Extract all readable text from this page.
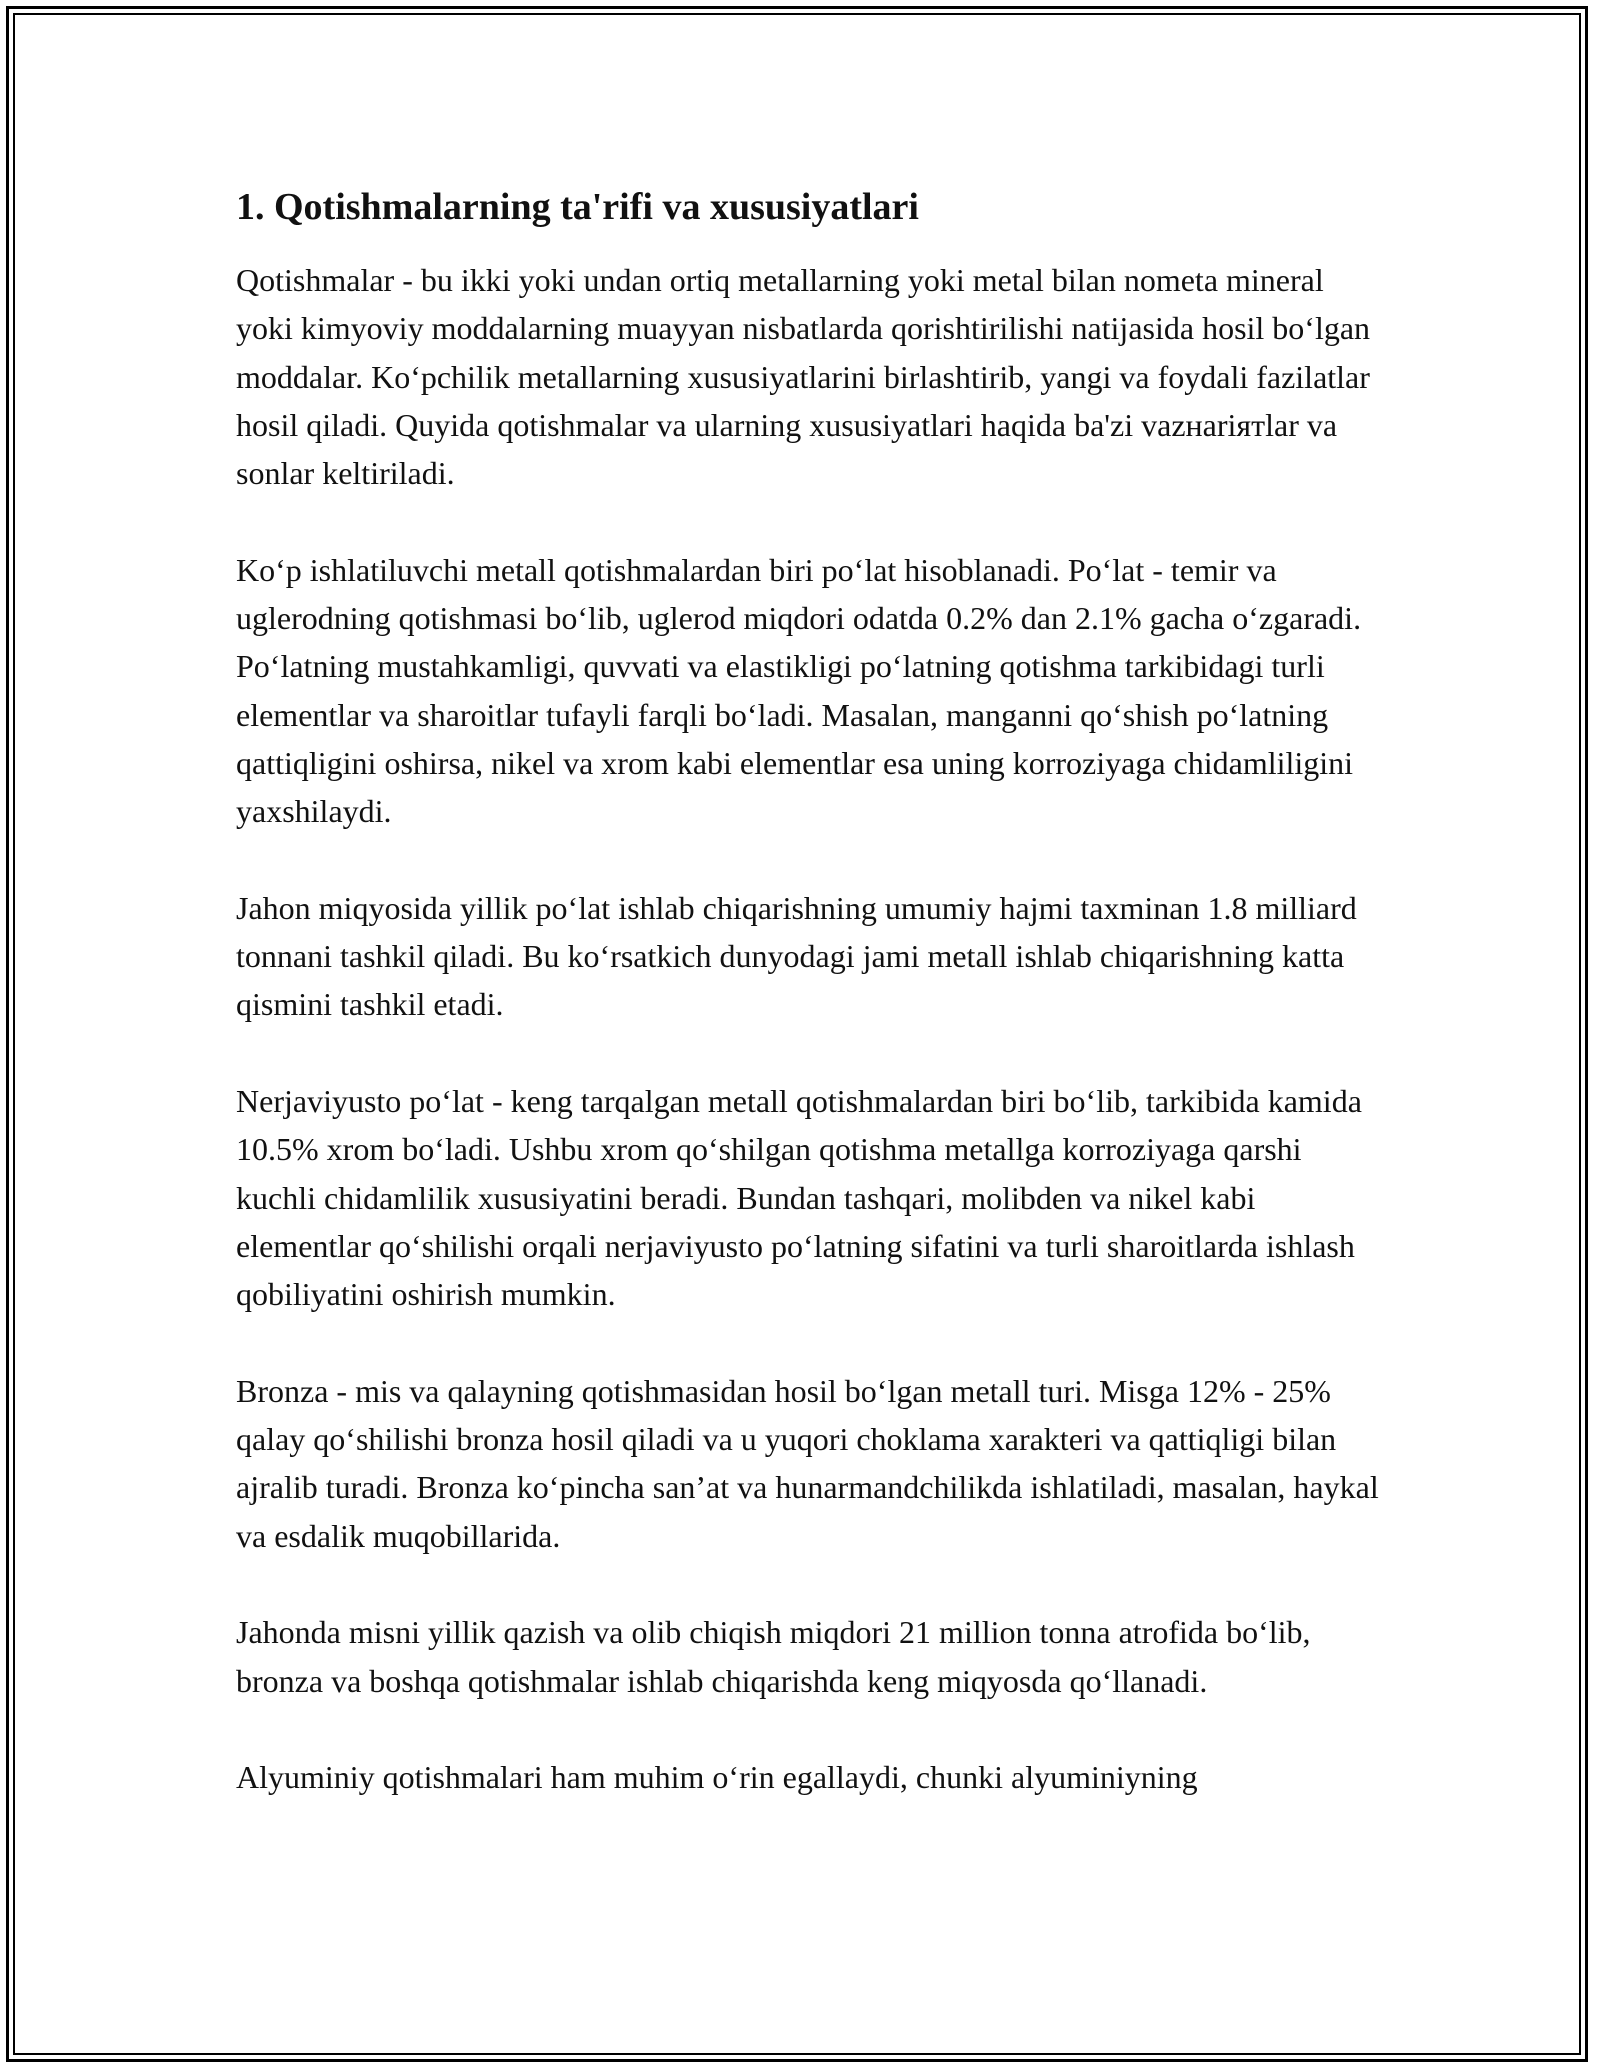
1. Qotishmalarning ta'rifi va xususiyatlari

Qotishmalar - bu ikki yoki undan ortiq metallarning yoki metal bilan nometa mineral yoki kimyoviy moddalarning muayyan nisbatlarda qorishtirilishi natijasida hosil bo‘lgan moddalar. Ko‘pchilik metallarning xususiyatlarini birlashtirib, yangi va foydali fazilatlar hosil qiladi. Quyida qotishmalar va ularning xususiyatlari haqida ba'zi vazнariятlar va sonlar keltiriladi.

Ko‘p ishlatiluvchi metall qotishmalardan biri po‘lat hisoblanadi. Po‘lat - temir va uglerodning qotishmasi bo‘lib, uglerod miqdori odatda 0.2% dan 2.1% gacha o‘zgaradi. Po‘latning mustahkamligi, quvvati va elastikligi po‘latning qotishma tarkibidagi turli elementlar va sharoitlar tufayli farqli bo‘ladi. Masalan, manganni qo‘shish po‘latning qattiqligini oshirsa, nikel va xrom kabi elementlar esa uning korroziyaga chidamliligini yaxshilaydi.

Jahon miqyosida yillik po‘lat ishlab chiqarishning umumiy hajmi taxminan 1.8 milliard tonnani tashkil qiladi. Bu ko‘rsatkich dunyodagi jami metall ishlab chiqarishning katta qismini tashkil etadi.

Nerjaviyusto po‘lat - keng tarqalgan metall qotishmalardan biri bo‘lib, tarkibida kamida 10.5% xrom bo‘ladi. Ushbu xrom qo‘shilgan qotishma metallga korroziyaga qarshi kuchli chidamlilik xususiyatini beradi. Bundan tashqari, molibden va nikel kabi elementlar qo‘shilishi orqali nerjaviyusto po‘latning sifatini va turli sharoitlarda ishlash qobiliyatini oshirish mumkin.

Bronza - mis va qalayning qotishmasidan hosil bo‘lgan metall turi. Misga 12% - 25% qalay qo‘shilishi bronza hosil qiladi va u yuqori choklama xarakteri va qattiqligi bilan ajralib turadi. Bronza ko‘pincha san’at va hunarmandchilikda ishlatiladi, masalan, haykal va esdalik muqobillarida.

Jahonda misni yillik qazish va olib chiqish miqdori 21 million tonna atrofida bo‘lib, bronza va boshqa qotishmalar ishlab chiqarishda keng miqyosda qo‘llanadi.

Alyuminiy qotishmalari ham muhim o‘rin egallaydi, chunki alyuminiyning
